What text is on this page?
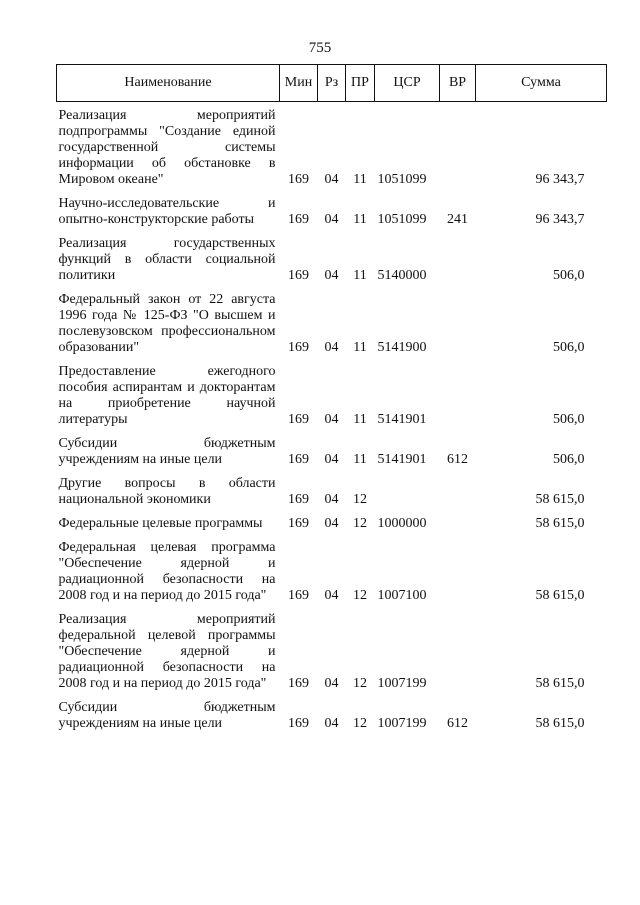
755
Наименование	Мин	Рз	ПР	ЦСР	ВР	Сумма
Реализация мероприятий подпрограммы "Создание единой государственной системы информации об обстановке в Мировом океане"	169	04	11	1051099		96 343,7
Научно-исследовательские и опытно-конструкторские работы	169	04	11	1051099	241	96 343,7
Реализация государственных функций в области социальной политики	169	04	11	5140000		506,0
Федеральный закон от 22 августа 1996 года № 125-ФЗ "О высшем и послевузовском профессиональном образовании"	169	04	11	5141900		506,0
Предоставление ежегодного пособия аспирантам и докторантам на приобретение научной литературы	169	04	11	5141901		506,0
Субсидии бюджетным учреждениям на иные цели	169	04	11	5141901	612	506,0
Другие вопросы в области национальной экономики	169	04	12			58 615,0
Федеральные целевые программы	169	04	12	1000000		58 615,0
Федеральная целевая программа "Обеспечение ядерной и радиационной безопасности на 2008 год и на период до 2015 года"	169	04	12	1007100		58 615,0
Реализация мероприятий федеральной целевой программы "Обеспечение ядерной и радиационной безопасности на 2008 год и на период до 2015 года"	169	04	12	1007199		58 615,0
Субсидии бюджетным учреждениям на иные цели	169	04	12	1007199	612	58 615,0
